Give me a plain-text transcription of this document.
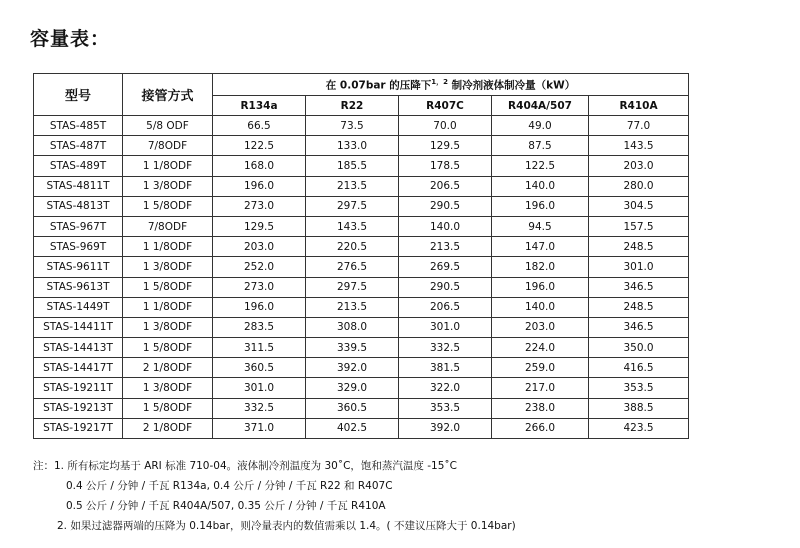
容量表：
型号	接管方式	在 0.07bar 的压降下$^{1,2}$ 制冷剂液体制冷量（kW）				
		R134a	R22	R407C	R404A/507	R410A
STAS-485T	5/8 ODF	66.5	73.5	70.0	49.0	77.0
STAS-487T	7/8ODF	122.5	133.0	129.5	87.5	143.5
STAS-489T	1 1/8ODF	168.0	185.5	178.5	122.5	203.0
STAS-4811T	1 3/8ODF	196.0	213.5	206.5	140.0	280.0
STAS-4813T	1 5/8ODF	273.0	297.5	290.5	196.0	304.5
STAS-967T	7/8ODF	129.5	143.5	140.0	94.5	157.5
STAS-969T	1 1/8ODF	203.0	220.5	213.5	147.0	248.5
STAS-9611T	1 3/8ODF	252.0	276.5	269.5	182.0	301.0
STAS-9613T	1 5/8ODF	273.0	297.5	290.5	196.0	346.5
STAS-1449T	1 1/8ODF	196.0	213.5	206.5	140.0	248.5
STAS-14411T	1 3/8ODF	283.5	308.0	301.0	203.0	346.5
STAS-14413T	1 5/8ODF	311.5	339.5	332.5	224.0	350.0
STAS-14417T	2 1/8ODF	360.5	392.0	381.5	259.0	416.5
STAS-19211T	1 3/8ODF	301.0	329.0	322.0	217.0	353.5
STAS-19213T	1 5/8ODF	332.5	360.5	353.5	238.0	388.5
STAS-19217T	2 1/8ODF	371.0	402.5	392.0	266.0	423.5
注：1. 所有标定均基于 ARI 标准 710-04。液体制冷剂温度为 30˚C，饱和蒸汽温度 -15˚C
0.4 公斤 / 分钟 / 千瓦 R134a, 0.4 公斤 / 分钟 / 千瓦 R22 和 R407C
0.5 公斤 / 分钟 / 千瓦 R404A/507, 0.35 公斤 / 分钟 / 千瓦 R410A
2. 如果过滤器两端的压降为 0.14bar，则冷量表内的数值需乘以 1.4。( 不建议压降大于 0.14bar)
